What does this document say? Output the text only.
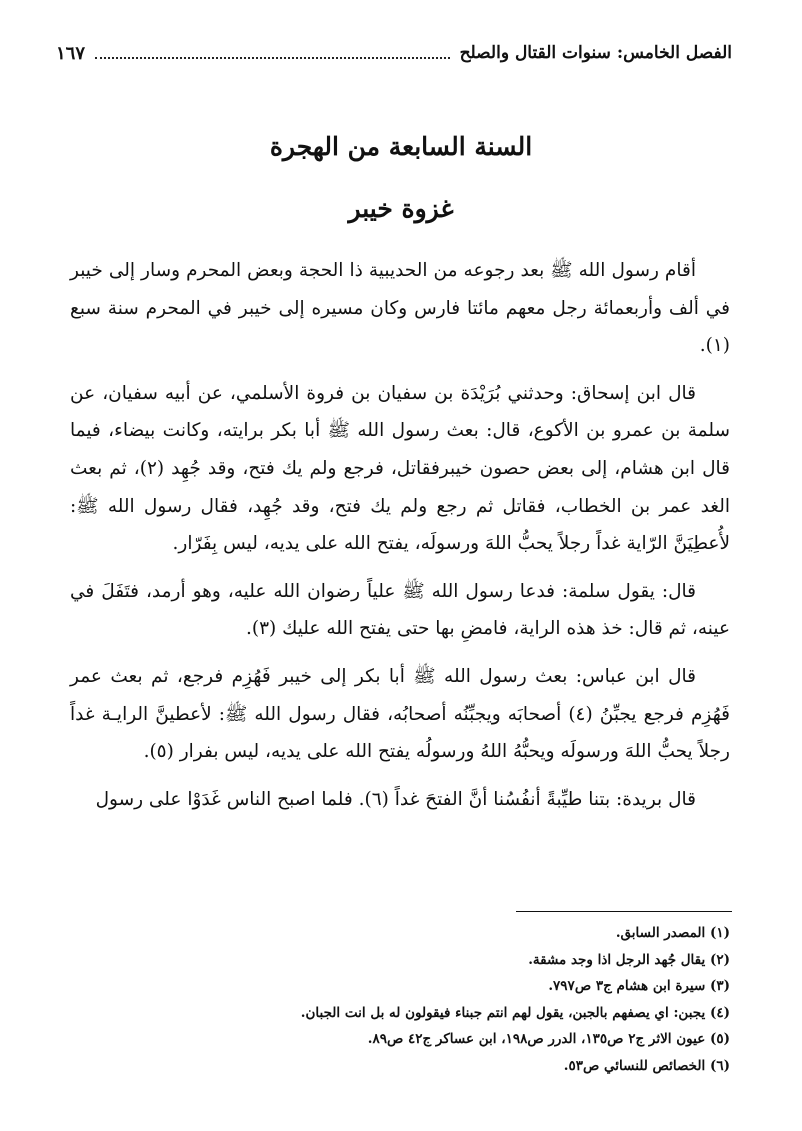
الفصل الخامس: سنوات القتال والصلح
١٦٧
السنة السابعة من الهجرة
غزوة خيبر

أقام رسول الله ﷺ بعد رجوعه من الحديبية ذا الحجة وبعض المحرم وسار إلى خيبر في ألف وأربعمائة رجل معهم مائتا فارس وكان مسيره إلى خيبر في المحرم سنة سبع (١).

قال ابن إسحاق: وحدثني بُرَيْدَة بن سفيان بن فروة الأسلمي، عن أبيه سفيان، عن سلمة بن عمرو بن الأكوع، قال: بعث رسول الله ﷺ أبا بكر برايته، وكانت بيضاء، فيما قال ابن هشام، إلى بعض حصون خيبرفقاتل، فرجع ولم يك فتح، وقد جُهِد (٢)، ثم بعث الغد عمر بن الخطاب، فقاتل ثم رجع ولم يك فتح، وقد جُهِد، فقال رسول الله ﷺ: لأُعطِيَنَّ الرّاية غداً رجلاً يحبُّ اللهَ ورسولَه، يفتح الله على يديه، ليس بِفَرّار.

قال: يقول سلمة: فدعا رسول الله ﷺ علياً رضوان الله عليه، وهو أرمد، فتَفَلَ في عينه، ثم قال: خذ هذه الراية، فامضِ بها حتى يفتح الله عليك (٣).

قال ابن عباس: بعث رسول الله ﷺ أبا بكر إلى خيبر فَهُزِم فرجع، ثم بعث عمر فَهُزِم فرجع يجبِّنُ (٤) أصحابَه ويجبِّنُه أصحابُه، فقال رسول الله ﷺ: لأعطينَّ الرايـة غداً رجلاً يحبُّ اللهَ ورسولَه ويحبُّهُ اللهُ ورسولُه يفتح الله على يديه، ليس بفرار (٥).

قال بريدة: بتنا طيِّبةً أنفُسُنا أنَّ الفتحَ غداً (٦). فلما اصبح الناس غَدَوْا على رسول

(١) المصدر السابق.
(٢) يقال جُهد الرجل اذا وجد مشقة.
(٣) سيرة ابن هشام ج٣ ص٧٩٧.
(٤) يجبن: اي يصفهم بالجبن، يقول لهم انتم جبناء فيقولون له بل انت الجبان.
(٥) عيون الاثر ج٢ ص١٣٥، الدرر ص١٩٨، ابن عساكر ج٤٢ ص٨٩.
(٦) الخصائص للنسائي ص٥٣.
